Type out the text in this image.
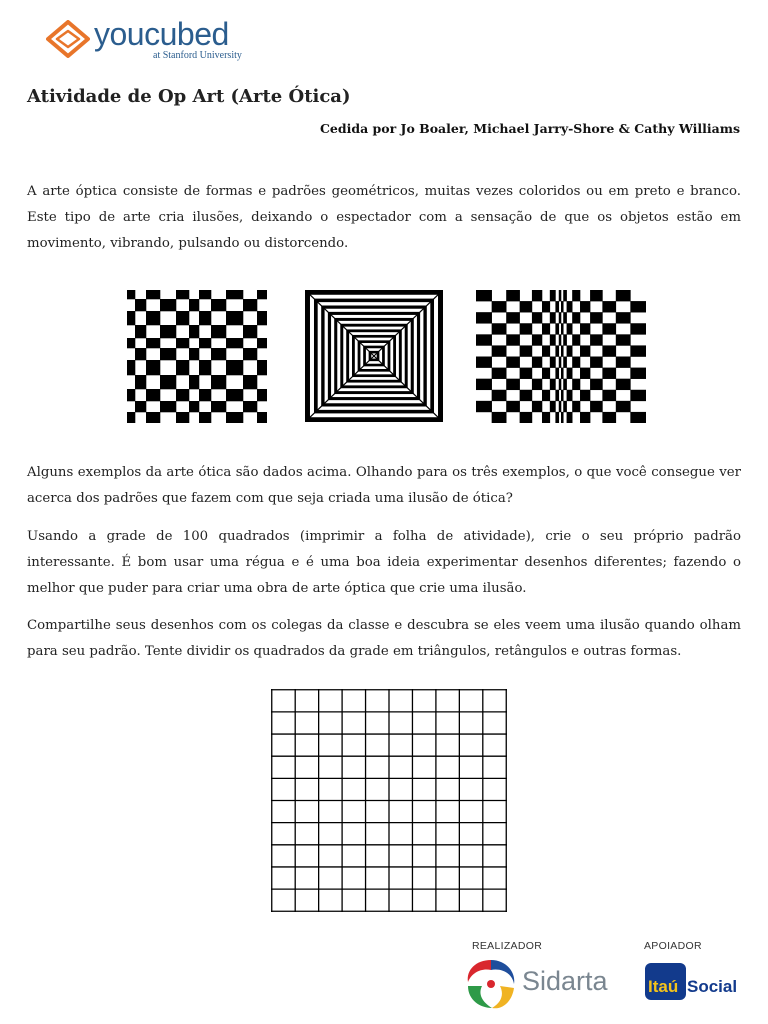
youcubed
at Stanford University
Atividade de Op Art (Arte Ótica)
Cedida por Jo Boaler, Michael Jarry-Shore & Cathy Williams
A arte óptica consiste de formas e padrões geométricos, muitas vezes coloridos ou em preto e branco. Este tipo de arte cria ilusões, deixando o espectador com a sensação de que os objetos estão em movimento, vibrando, pulsando ou distorcendo.
Alguns exemplos da arte ótica são dados acima. Olhando para os três exemplos, o que você consegue ver acerca dos padrões que fazem com que seja criada uma ilusão de ótica?
Usando a grade de 100 quadrados (imprimir a folha de atividade), crie o seu próprio padrão interessante. É bom usar uma régua e é uma boa ideia experimentar desenhos diferentes; fazendo o melhor que puder para criar uma obra de arte óptica que crie uma ilusão.
Compartilhe seus desenhos com os colegas da classe e descubra se eles veem uma ilusão quando olham para seu padrão. Tente dividir os quadrados da grade em triângulos, retângulos e outras formas.
REALIZADOR	APOIADOR
Sidarta Itaú Social
